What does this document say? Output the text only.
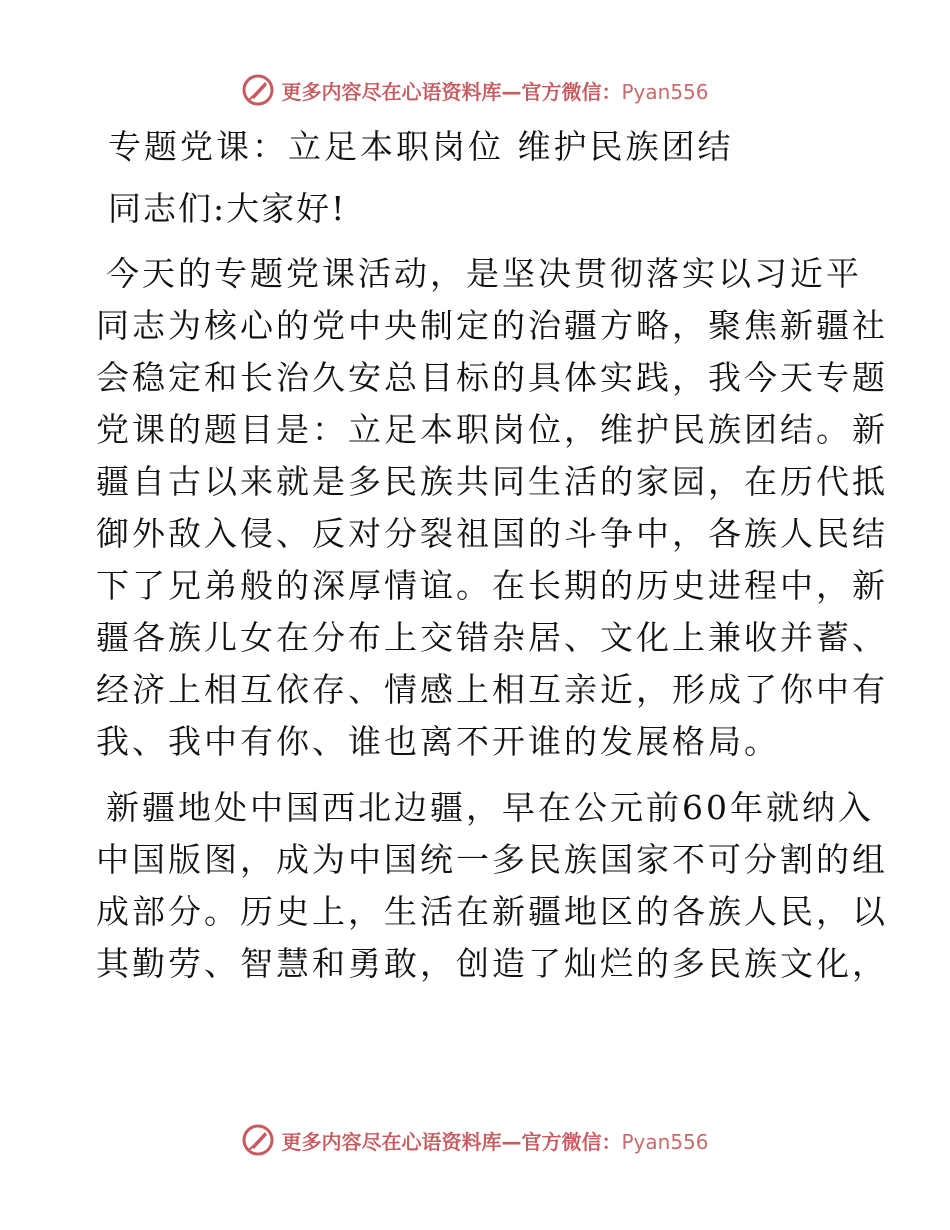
更多内容尽在心语资料库—官方微信：Pyan556
专题党课：立足本职岗位 维护民族团结
同志们:大家好!
今天的专题党课活动，是坚决贯彻落实以习近平
同志为核心的党中央制定的治疆方略，聚焦新疆社
会稳定和长治久安总目标的具体实践，我今天专题
党课的题目是：立足本职岗位，维护民族团结。新
疆自古以来就是多民族共同生活的家园，在历代抵
御外敌入侵、反对分裂祖国的斗争中，各族人民结
下了兄弟般的深厚情谊。在长期的历史进程中，新
疆各族儿女在分布上交错杂居、文化上兼收并蓄、
经济上相互依存、情感上相互亲近，形成了你中有
我、我中有你、谁也离不开谁的发展格局。
新疆地处中国西北边疆，早在公元前60年就纳入
中国版图，成为中国统一多民族国家不可分割的组
成部分。历史上，生活在新疆地区的各族人民，以
其勤劳、智慧和勇敢，创造了灿烂的多民族文化，
更多内容尽在心语资料库—官方微信：Pyan556
